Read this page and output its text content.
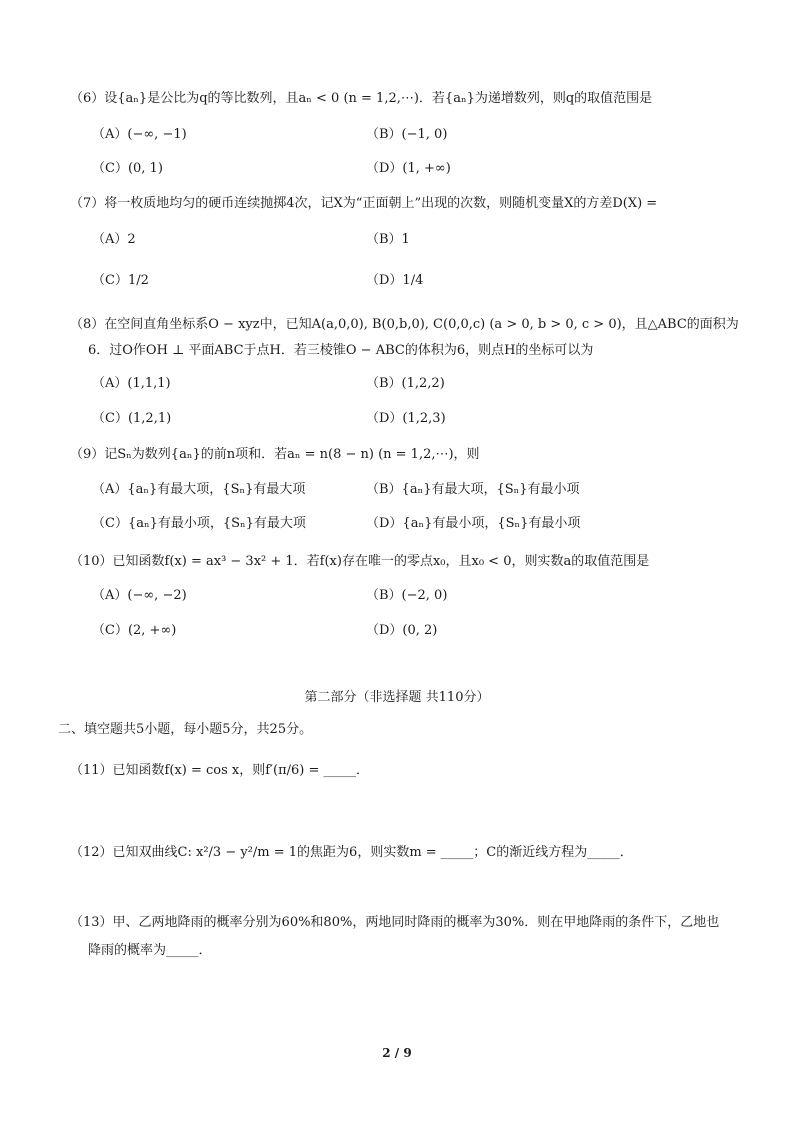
（6）设{aₙ}是公比为q的等比数列，且aₙ < 0 (n = 1,2,⋯)．若{aₙ}为递增数列，则q的取值范围是
（A）(−∞, −1)	（B）(−1, 0)
（C）(0, 1)	（D）(1, +∞)
（7）将一枚质地均匀的硬币连续抛掷4次，记X为“正面朝上”出现的次数，则随机变量X的方差D(X) =
（A）2	（B）1
（C）1/2	（D）1/4
（8）在空间直角坐标系O − xyz中，已知A(a,0,0), B(0,b,0), C(0,0,c) (a > 0, b > 0, c > 0)，且△ABC的面积为
6．过O作OH ⊥ 平面ABC于点H．若三棱锥O − ABC的体积为6，则点H的坐标可以为
（A）(1,1,1)	（B）(1,2,2)
（C）(1,2,1)	（D）(1,2,3)
（9）记Sₙ为数列{aₙ}的前n项和．若aₙ = n(8 − n) (n = 1,2,⋯)，则
（A）{aₙ}有最大项，{Sₙ}有最大项	（B）{aₙ}有最大项，{Sₙ}有最小项
（C）{aₙ}有最小项，{Sₙ}有最大项	（D）{aₙ}有最小项，{Sₙ}有最小项
（10）已知函数f(x) = ax³ − 3x² + 1．若f(x)存在唯一的零点x₀，且x₀ < 0，则实数a的取值范围是
（A）(−∞, −2)	（B）(−2, 0)
（C）(2, +∞)	（D）(0, 2)
第二部分（非选择题 共110分）
二、填空题共5小题，每小题5分，共25分。
（11）已知函数f(x) = cos x，则f′(π/6) = _____．
（12）已知双曲线C: x²/3 − y²/m = 1的焦距为6，则实数m = _____；C的渐近线方程为_____．
（13）甲、乙两地降雨的概率分别为60%和80%，两地同时降雨的概率为30%．则在甲地降雨的条件下，乙地也
降雨的概率为_____．
2 / 9
